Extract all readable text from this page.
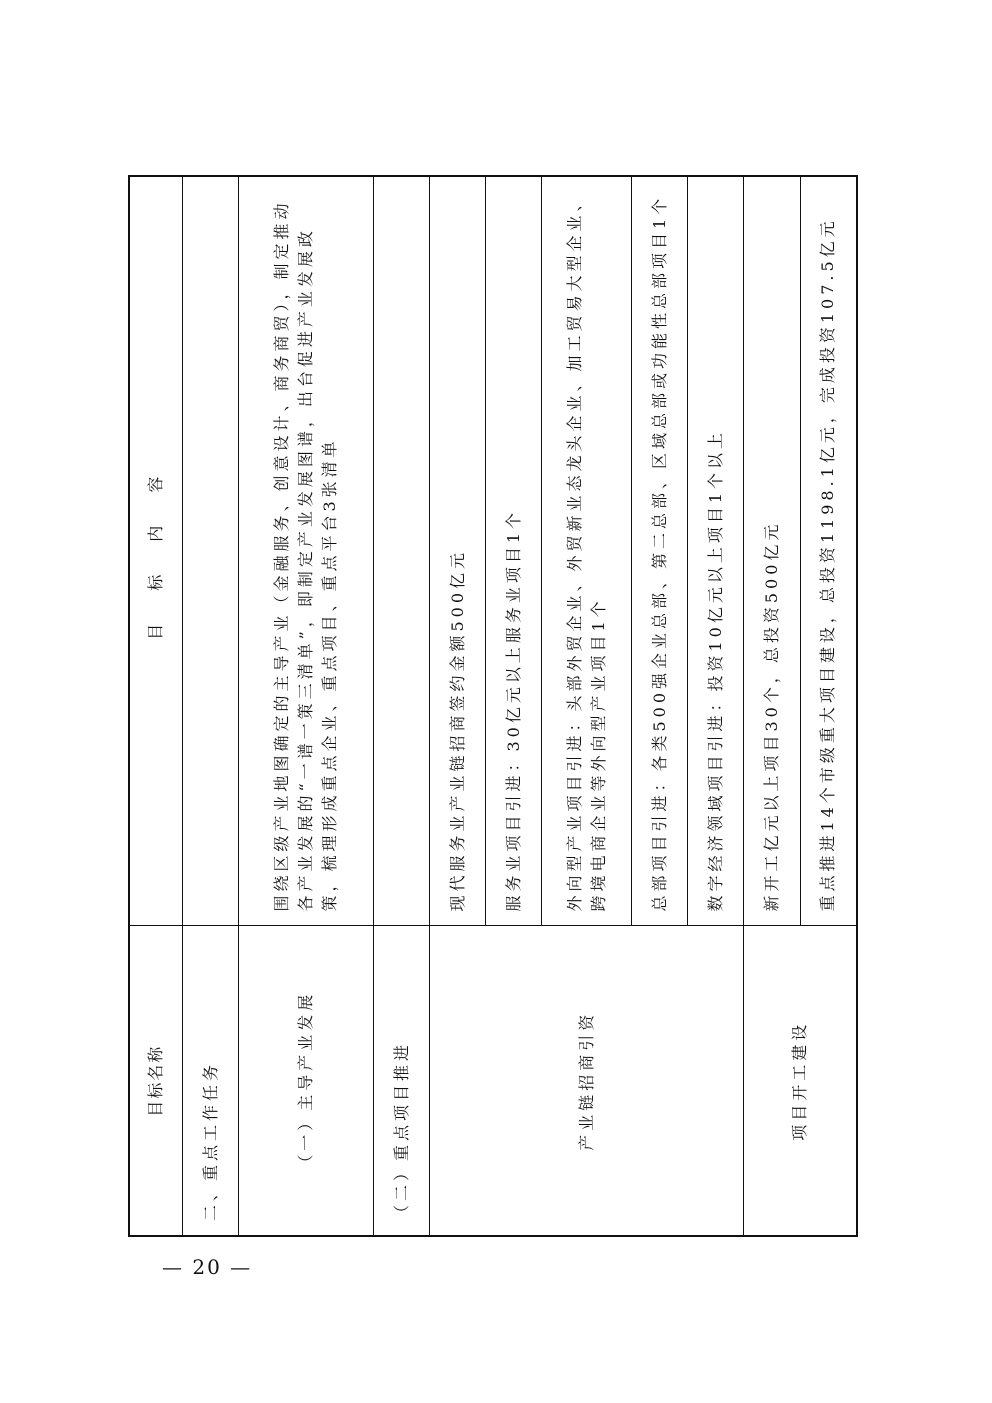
目标名称	目 标 内 容
二、重点工作任务	
（一）主导产业发展	围绕区级产业地图确定的主导产业（金融服务、创意设计、商务商贸），制定推动各产业发展的“一谱一策三清单”，即制定产业发展图谱，出台促进产业发展政策，梳理形成重点企业、重点项目、重点平台3张清单
（二）重点项目推进	
产业链招商引资	现代服务业产业链招商签约金额500亿元
	服务业项目引进：30亿元以上服务业项目1个
	外向型产业项目引进：头部外贸企业、外贸新业态龙头企业、加工贸易大型企业、跨境电商企业等外向型产业项目1个
	总部项目引进：各类500强企业总部、第二总部、区域总部或功能性总部项目1个
	数字经济领域项目引进：投资10亿元以上项目1个以上
项目开工建设	新开工亿元以上项目30个，总投资500亿元
	重点推进14个市级重大项目建设，总投资1198.1亿元，完成投资107.5亿元
— 20 —
